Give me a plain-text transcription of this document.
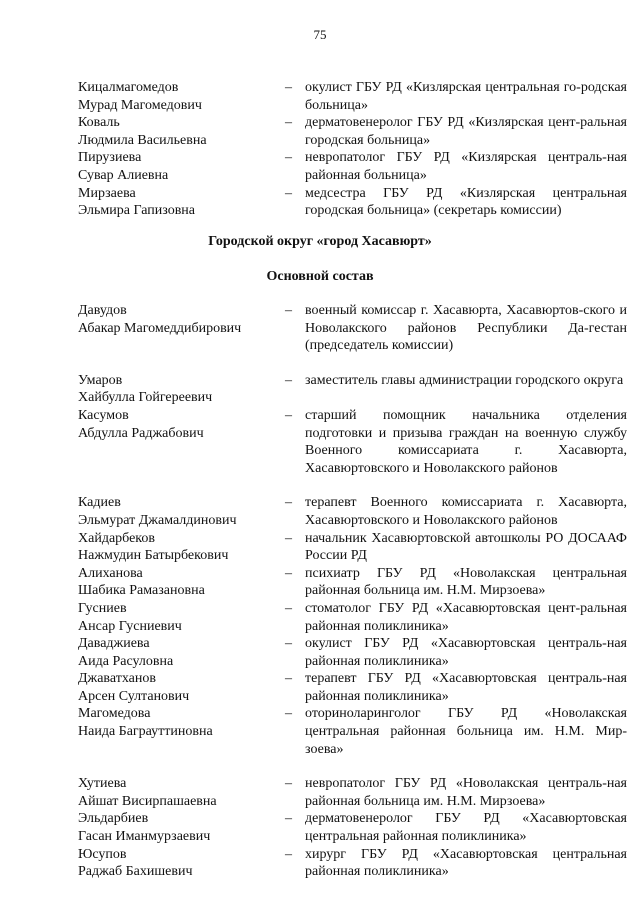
75
Кицалмагомедов
Мурад Магомедович
– окулист ГБУ РД «Кизлярская центральная го-родская больница»
Коваль
Людмила Васильевна
– дерматовенеролог ГБУ РД «Кизлярская цент-ральная городская больница»
Пирузиева
Сувар Алиевна
– невропатолог ГБУ РД «Кизлярская централь-ная районная больница»
Мирзаева
Эльмира Гапизовна
– медсестра ГБУ РД «Кизлярская центральная городская больница» (секретарь комиссии)
Городской округ «город Хасавюрт»
Основной состав
Давудов
Абакар Магомеддибирович
– военный комиссар г. Хасавюрта, Хасавюртов-ского и Новолакского районов Республики Да-гестан (председатель комиссии)
Умаров
Хайбулла Гойгереевич
– заместитель главы администрации городского округа
Касумов
Абдулла Раджабович
– старший помощник начальника отделения подготовки и призыва граждан на военную службу Военного комиссариата г. Хасавюрта, Хасавюртовского и Новолакского районов
Кадиев
Эльмурат Джамалдинович
– терапевт Военного комиссариата г. Хасавюрта, Хасавюртовского и Новолакского районов
Хайдарбеков
Нажмудин Батырбекович
– начальник Хасавюртовской автошколы РО ДОСААФ России РД
Алиханова
Шабика Рамазановна
– психиатр ГБУ РД «Новолакская центральная районная больница им. Н.М. Мирзоева»
Гусниев
Ансар Гусниевич
– стоматолог ГБУ РД «Хасавюртовская цент-ральная районная поликлиника»
Даваджиева
Аида Расуловна
– окулист ГБУ РД «Хасавюртовская централь-ная районная поликлиника»
Джаватханов
Арсен Султанович
– терапевт ГБУ РД «Хасавюртовская централь-ная районная поликлиника»
Магомедова
Наида Баграуттиновна
– оториноларинголог ГБУ РД «Новолакская центральная районная больница им. Н.М. Мир-зоева»
Хутиева
Айшат Висирпашаевна
– невропатолог ГБУ РД «Новолакская централь-ная районная больница им. Н.М. Мирзоева»
Эльдарбиев
Гасан Иманмурзаевич
– дерматовенеролог ГБУ РД «Хасавюртовская центральная районная поликлиника»
Юсупов
Раджаб Бахишевич
– хирург ГБУ РД «Хасавюртовская центральная районная поликлиника»
